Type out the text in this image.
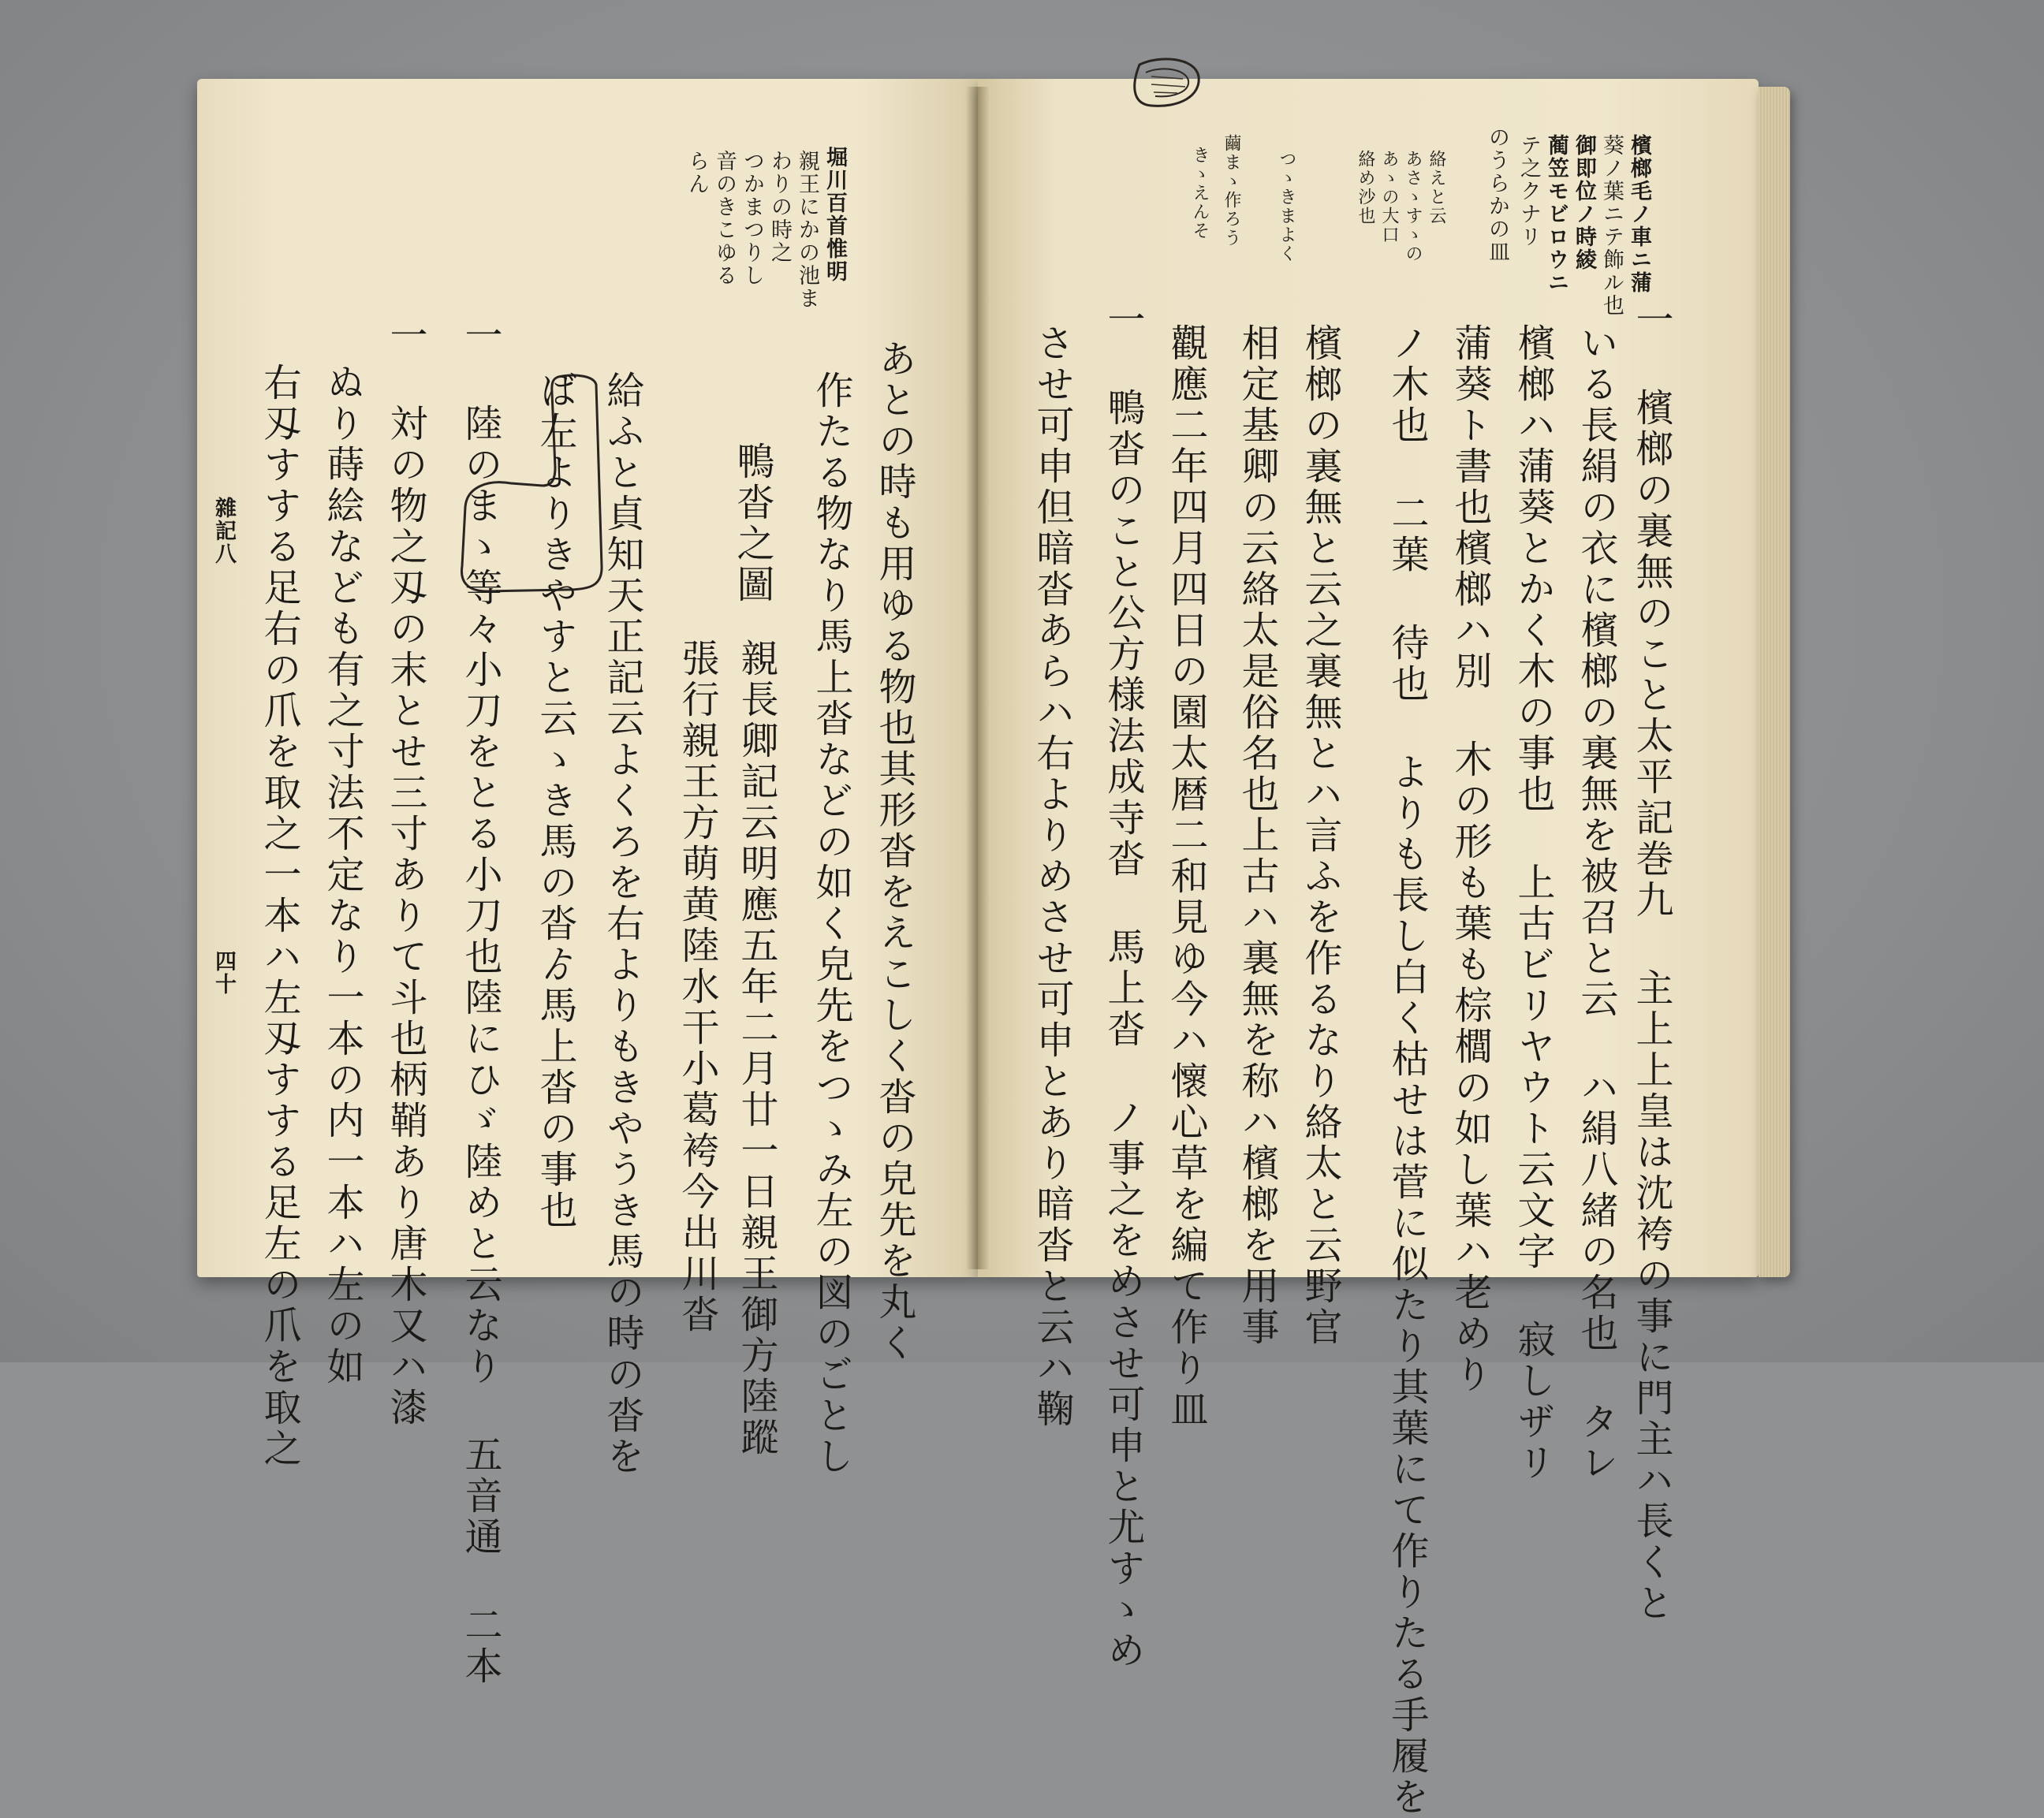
檳榔毛ノ車ニ蒲
葵ノ葉ニテ飾ル也
御即位ノ時綾
蔺笠モビロウニ
テ之クナリ
のうらかの皿
絡えと云
あさゝすゝの
あゝの大口
絡め沙也
つゝきまよく
繭まゝ作ろう
きゝえんそ
一 檳榔の裏無のこと太平記巻九 主上上皇は沈袴の事に門主ハ長くと
いる長絹の衣に檳榔の裏無を被召と云 ハ絹八緒の名也 タレ
檳榔ハ蒲葵とかく木の事也 上古ビリヤウト云文字 寂しザリ
蒲葵ト書也檳榔ハ別 木の形も葉も棕櫚の如し葉ハ老めり
ノ木也 二葉 待也 よりも長し白く枯せは菅に似たり其葉にて作りたる手履を
檳榔の裏無と云之裏無とハ言ふを作るなり絡太と云野官
相定基卿の云絡太是俗名也上古ハ裏無を称ハ檳榔を用事
觀應二年四月四日の園太暦二和見ゆ今ハ懷心草を編て作り皿
一 鴨沓のこと公方様法成寺沓 馬上沓 ノ事之をめさせ可申と尤すゝめ
させ可申但暗沓あらハ右よりめさせ可申とあり暗沓と云ハ鞠
堀川百首惟明
親王にかの池ま
わりの時之
つかまつりし
音のきこゆる
らん
鴨沓之圖	あとの時も用ゆる物也其形沓をえこしく沓の皃先を丸く
作たる物なり馬上沓などの如く皃先をつゝみ左の図のごとし
親長卿記云明應五年二月廿一日親王御方陸蹤
張行親王方萌黄陸水干小葛袴今出川沓
給ふと貞知天正記云よくろを右よりもきやうき馬の時の沓を
ば左よりきやすと云ゝき馬の沓ゟ馬上沓の事也
一 陸のまゝ等々小刀をとる小刀也陸にひゞ陸めと云なり 五音通 二本
一 対の物之刄の末とせ三寸ありて斗也柄鞘あり唐木又ハ漆
ぬり蒔絵なども有之寸法不定なり一本の内一本ハ左の如
右刄すする足右の爪を取之一本ハ左刄すする足左の爪を取之
雜記八
四十
